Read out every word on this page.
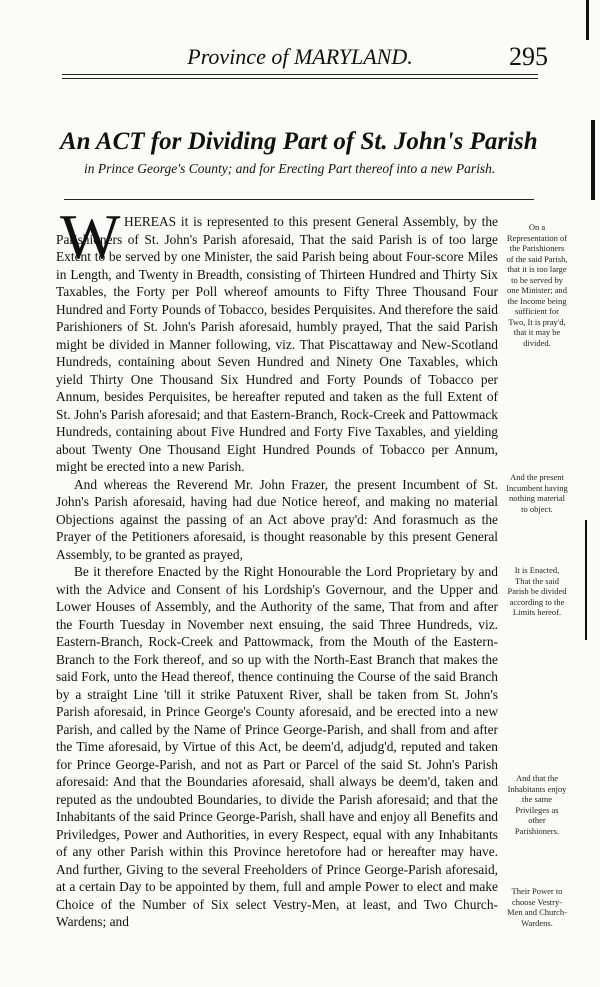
Province of MARYLAND.	295
An ACT for Dividing Part of St. John's Parish
in Prince George's County; and for Erecting Part thereof into a new Parish.
W HEREAS it is represented to this present General Assembly, by the Parishioners of St. John's Parish aforesaid, That the said Parish is of too large Extent to be served by one Minister, the said Parish being about Four-score Miles in Length, and Twenty in Breadth, consisting of Thirteen Hundred and Thirty Six Taxables, the Forty per Poll whereof amounts to Fifty Three Thousand Four Hundred and Forty Pounds of Tobacco, besides Perquisites. And therefore the said Parishioners of St. John's Parish aforesaid, humbly prayed, That the said Parish might be divided in Manner following, viz. That Piscattaway and New-Scotland Hundreds, containing about Seven Hundred and Ninety One Taxables, which yield Thirty One Thousand Six Hundred and Forty Pounds of Tobacco per Annum, besides Perquisites, be hereafter reputed and taken as the full Extent of St. John's Parish aforesaid; and that Eastern-Branch, Rock-Creek and Pattowmack Hundreds, containing about Five Hundred and Forty Five Taxables, and yielding about Twenty One Thousand Eight Hundred Pounds of Tobacco per Annum, might be erected into a new Parish.

And whereas the Reverend Mr. John Frazer, the present Incumbent of St. John's Parish aforesaid, having had due Notice hereof, and making no material Objections against the passing of an Act above pray'd: And forasmuch as the Prayer of the Petitioners aforesaid, is thought reasonable by this present General Assembly, to be granted as prayed,

Be it therefore Enacted by the Right Honourable the Lord Proprietary by and with the Advice and Consent of his Lordship's Governour, and the Upper and Lower Houses of Assembly, and the Authority of the same, That from and after the Fourth Tuesday in November next ensuing, the said Three Hundreds, viz. Eastern-Branch, Rock-Creek and Pattowmack, from the Mouth of the Eastern-Branch to the Fork thereof, and so up with the North-East Branch that makes the said Fork, unto the Head thereof, thence continuing the Course of the said Branch by a straight Line 'till it strike Patuxent River, shall be taken from St. John's Parish aforesaid, in Prince George's County aforesaid, and be erected into a new Parish, and called by the Name of Prince George-Parish, and shall from and after the Time aforesaid, by Virtue of this Act, be deem'd, adjudg'd, reputed and taken for Prince George-Parish, and not as Part or Parcel of the said St. John's Parish aforesaid: And that the Boundaries aforesaid, shall always be deem'd, taken and reputed as the undoubted Boundaries, to divide the Parish aforesaid; and that the Inhabitants of the said Prince George-Parish, shall have and enjoy all Benefits and Priviledges, Power and Authorities, in every Respect, equal with any Inhabitants of any other Parish within this Province heretofore had or hereafter may have. And further, Giving to the several Freeholders of Prince George-Parish aforesaid, at a certain Day to be appointed by them, full and ample Power to elect and make Choice of the Number of Six select Vestry-Men, at least, and Two Church-Wardens; and

On a Representation of the Parishioners of the said Parish, that it is too large to be served by one Minister; and the Income being sufficient for Two, It is pray'd, that it may be divided.
And the present Incumbent having nothing material to object.
It is Enacted, That the said Parish be divided according to the Limits hereof.
And that the Inhabitants enjoy the same Privileges as other Parishioners.
Their Power to choose Vestry-Men and Church-Wardens.
